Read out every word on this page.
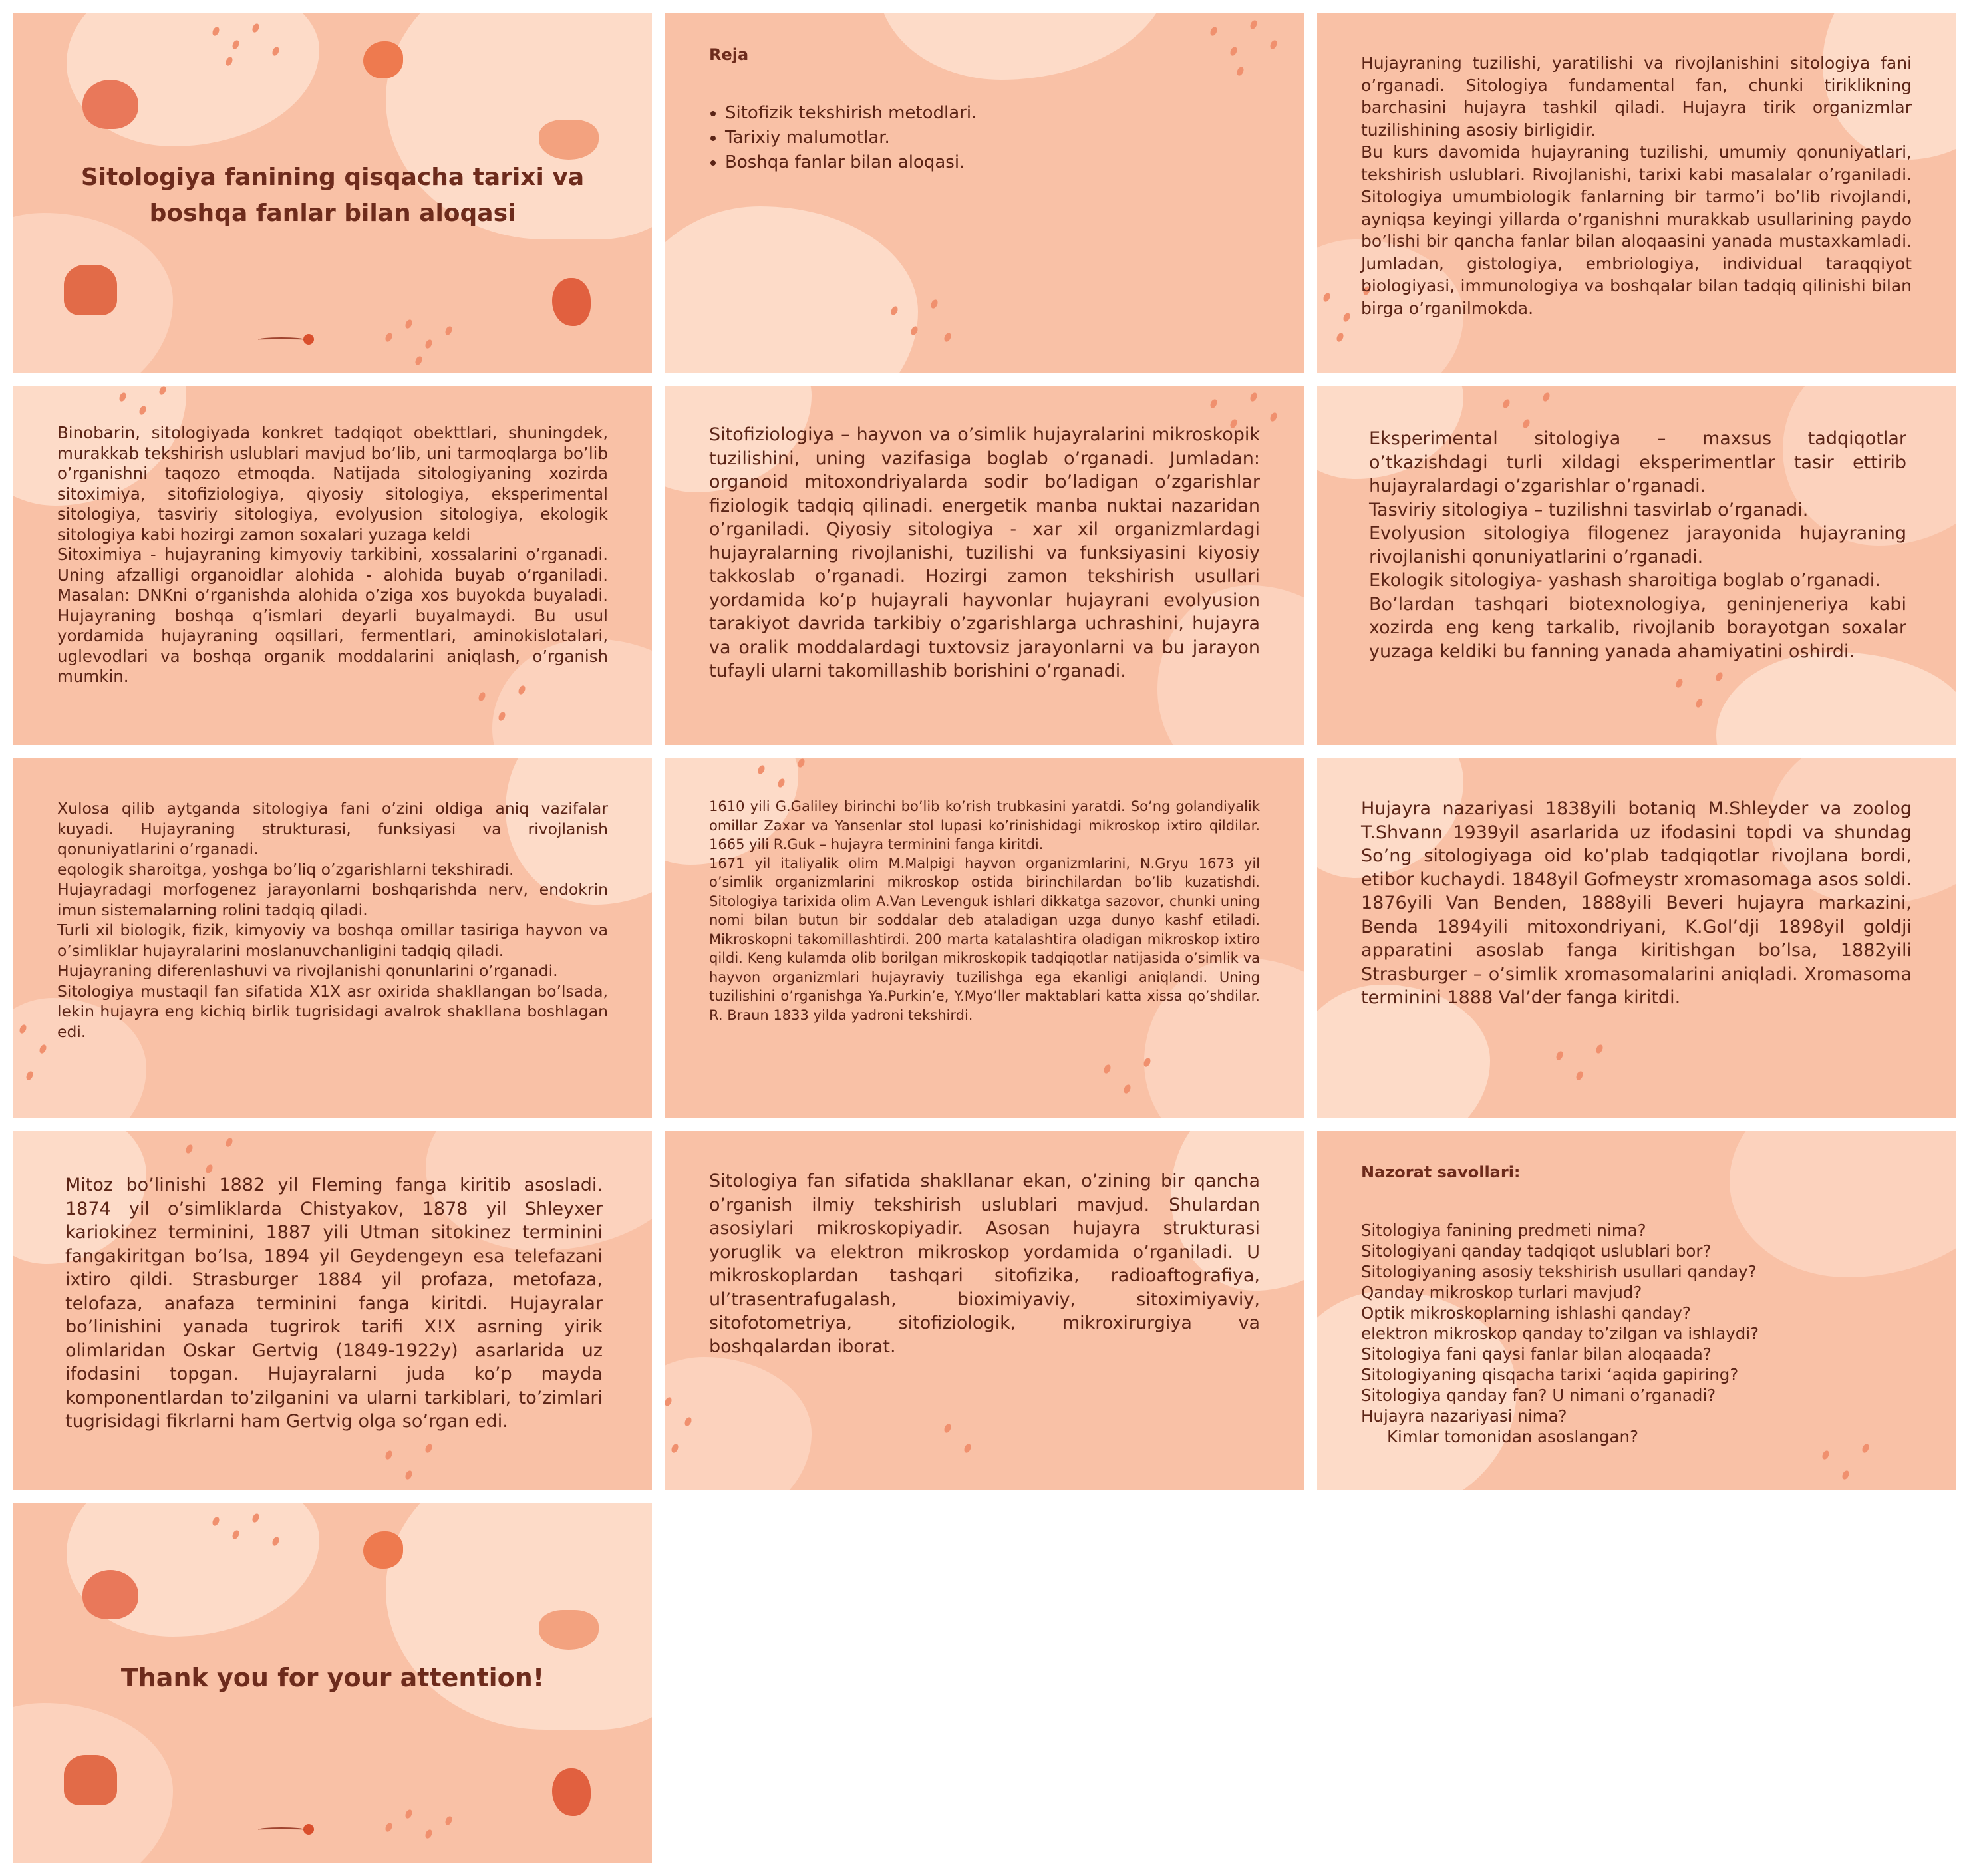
Sitologiya fanining qisqacha tarixi va boshqa fanlar bilan aloqasi
Reja
• Sitofizik tekshirish metodlari.
• Tarixiy malumotlar.
• Boshqa fanlar bilan aloqasi.
Hujayraning tuzilishi, yaratilishi va rivojlanishini sitologiya fani o’rganadi. Sitologiya fundamental fan, chunki tiriklikning barchasini hujayra tashkil qiladi. Hujayra tirik organizmlar tuzilishining asosiy birligidir.
Bu kurs davomida hujayraning tuzilishi, umumiy qonuniyatlari, tekshirish uslublari. Rivojlanishi, tarixi kabi masalalar o’rganiladi. Sitologiya umumbiologik fanlarning bir tarmo’i bo’lib rivojlandi, ayniqsa keyingi yillarda o’rganishni murakkab usullarining paydo bo’lishi bir qancha fanlar bilan aloqaasini yanada mustaxkamladi. Jumladan, gistologiya, embriologiya, individual taraqqiyot biologiyasi, immunologiya va boshqalar bilan tadqiq qilinishi bilan birga o’rganilmokda.
Binobarin, sitologiyada konkret tadqiqot obekttlari, shuningdek, murakkab tekshirish uslublari mavjud bo’lib, uni tarmoqlarga bo’lib o’rganishni taqozo etmoqda. Natijada sitologiyaning xozirda sitoximiya, sitofiziologiya, qiyosiy sitologiya, eksperimental sitologiya, tasviriy sitologiya, evolyusion sitologiya, ekologik sitologiya kabi hozirgi zamon soxalari yuzaga keldi
Sitoximiya - hujayraning kimyoviy tarkibini, xossalarini o’rganadi. Uning afzalligi organoidlar alohida - alohida buyab o’rganiladi. Masalan: DNKni o’rganishda alohida o’ziga xos buyokda buyaladi. Hujayraning boshqa q’ismlari deyarli buyalmaydi. Bu usul yordamida hujayraning oqsillari, fermentlari, aminokislotalari, uglevodlari va boshqa organik moddalarini aniqlash, o’rganish mumkin.
Sitofiziologiya – hayvon va o’simlik hujayralarini mikroskopik tuzilishini, uning vazifasiga boglab o’rganadi. Jumladan: organoid mitoxondriyalarda sodir bo’ladigan o’zgarishlar fiziologik tadqiq qilinadi. energetik manba nuktai nazaridan o’rganiladi. Qiyosiy sitologiya - xar xil organizmlardagi hujayralarning rivojlanishi, tuzilishi va funksiyasini kiyosiy takkoslab o’rganadi. Hozirgi zamon tekshirish usullari yordamida ko’p hujayrali hayvonlar hujayrani evolyusion tarakiyot davrida tarkibiy o’zgarishlarga uchrashini, hujayra va oralik moddalardagi tuxtovsiz jarayonlarni va bu jarayon tufayli ularni takomillashib borishini o’rganadi.
Eksperimental sitologiya – maxsus tadqiqotlar o’tkazishdagi turli xildagi eksperimentlar tasir ettirib hujayralardagi o’zgarishlar o’rganadi.
Tasviriy sitologiya – tuzilishni tasvirlab o’rganadi.
Evolyusion sitologiya filogenez jarayonida hujayraning rivojlanishi qonuniyatlarini o’rganadi.
Ekologik sitologiya- yashash sharoitiga boglab o’rganadi.
Bo’lardan tashqari biotexnologiya, geninjeneriya kabi xozirda eng keng tarkalib, rivojlanib borayotgan soxalar yuzaga keldiki bu fanning yanada ahamiyatini oshirdi.
Xulosa qilib aytganda sitologiya fani o’zini oldiga aniq vazifalar kuyadi. Hujayraning strukturasi, funksiyasi va rivojlanish qonuniyatlarini o’rganadi.
eqologik sharoitga, yoshga bo’liq o’zgarishlarni tekshiradi.
Hujayradagi morfogenez jarayonlarni boshqarishda nerv, endokrin imun sistemalarning rolini tadqiq qiladi.
Turli xil biologik, fizik, kimyoviy va boshqa omillar tasiriga hayvon va o’simliklar hujayralarini moslanuvchanligini tadqiq qiladi.
Hujayraning diferenlashuvi va rivojlanishi qonunlarini o’rganadi.
Sitologiya mustaqil fan sifatida X1X asr oxirida shakllangan bo’lsada, lekin hujayra eng kichiq birlik tugrisidagi avalrok shakllana boshlagan edi.
1610 yili G.Galiley birinchi bo’lib ko’rish trubkasini yaratdi. So’ng golandiyalik omillar Zaxar va Yansenlar stol lupasi ko’rinishidagi mikroskop ixtiro qildilar. 1665 yili R.Guk – hujayra terminini fanga kiritdi.
1671 yil italiyalik olim M.Malpigi hayvon organizmlarini, N.Gryu 1673 yil o’simlik organizmlarini mikroskop ostida birinchilardan bo’lib kuzatishdi. Sitologiya tarixida olim A.Van Levenguk ishlari dikkatga sazovor, chunki uning nomi bilan butun bir soddalar deb ataladigan uzga dunyo kashf etiladi. Mikroskopni takomillashtirdi. 200 marta katalashtira oladigan mikroskop ixtiro qildi. Keng kulamda olib borilgan mikroskopik tadqiqotlar natijasida o’simlik va hayvon organizmlari hujayraviy tuzilishga ega ekanligi aniqlandi. Uning tuzilishini o’rganishga Ya.Purkin’e, Y.Myo’ller maktablari katta xissa qo’shdilar. R. Braun 1833 yilda yadroni tekshirdi.
Hujayra nazariyasi 1838yili botaniq M.Shleyder va zoolog T.Shvann 1939yil asarlarida uz ifodasini topdi va shundag So’ng sitologiyaga oid ko’plab tadqiqotlar rivojlana bordi, etibor kuchaydi. 1848yil Gofmeystr xromasomaga asos soldi. 1876yili Van Benden, 1888yili Beveri hujayra markazini, Benda 1894yili mitoxondriyani, K.Gol’dji 1898yil goldji apparatini asoslab fanga kiritishgan bo’lsa, 1882yili Strasburger – o’simlik xromasomalarini aniqladi. Xromasoma terminini 1888 Val’der fanga kiritdi.
Mitoz bo’linishi 1882 yil Fleming fanga kiritib asosladi. 1874 yil o’simliklarda Chistyakov, 1878 yil Shleyxer kariokinez terminini, 1887 yili Utman sitokinez terminini fangakiritgan bo’lsa, 1894 yil Geydengeyn esa telefazani ixtiro qildi. Strasburger 1884 yil profaza, metofaza, telofaza, anafaza terminini fanga kiritdi. Hujayralar bo’linishini yanada tugrirok tarifi X!X asrning yirik olimlaridan Oskar Gertvig (1849-1922y) asarlarida uz ifodasini topgan. Hujayralarni juda ko’p mayda komponentlardan to’zilganini va ularni tarkiblari, to’zimlari tugrisidagi fikrlarni ham Gertvig olga so’rgan edi.
Sitologiya fan sifatida shakllanar ekan, o’zining bir qancha o’rganish ilmiy tekshirish uslublari mavjud. Shulardan asosiylari mikroskopiyadir. Asosan hujayra strukturasi yoruglik va elektron mikroskop yordamida o’rganiladi. U mikroskoplardan tashqari sitofizika, radioaftografiya, ul’trasentrafugalash, bioximiyaviy, sitoximiyaviy, sitofotometriya, sitofiziologik, mikroxirurgiya va boshqalardan iborat.
Nazorat savollari:
Sitologiya fanining predmeti nima?
Sitologiyani qanday tadqiqot uslublari bor?
Sitologiyaning asosiy tekshirish usullari qanday?
Qanday mikroskop turlari mavjud?
Optik mikroskoplarning ishlashi qanday?
elektron mikroskop qanday to’zilgan va ishlaydi?
Sitologiya fani qaysi fanlar bilan aloqaada?
Sitologiyaning qisqacha tarixi ‘aqida gapiring?
Sitologiya qanday fan? U nimani o’rganadi?
Hujayra nazariyasi nima?
Kimlar tomonidan asoslangan?
Thank you for your attention!
